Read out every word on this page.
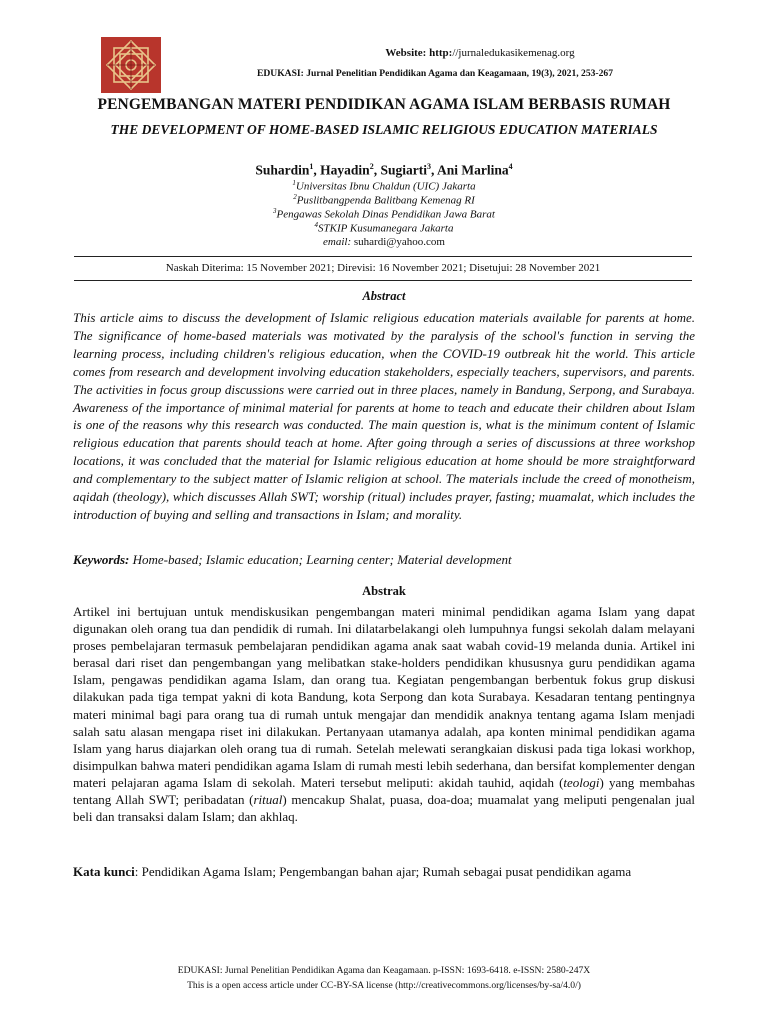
Website: http://jurnaledukasikemenag.org
EDUKASI: Jurnal Penelitian Pendidikan Agama dan Keagamaan, 19(3), 2021, 253-267
PENGEMBANGAN MATERI PENDIDIKAN AGAMA ISLAM BERBASIS RUMAH
THE DEVELOPMENT OF HOME-BASED ISLAMIC RELIGIOUS EDUCATION MATERIALS
Suhardin$^1$, Hayadin$^2$, Sugiarti$^3$, Ani Marlina$^4$
$^1$Universitas Ibnu Chaldun (UIC) Jakarta
$^2$Puslitbangpenda Balitbang Kemenag RI
$^3$Pengawas Sekolah Dinas Pendidikan Jawa Barat
$^4$STKIP Kusumanegara Jakarta
email: suhardi@yahoo.com
Naskah Diterima: 15 November 2021; Direvisi: 16 November 2021; Disetujui: 28 November 2021
Abstract
This article aims to discuss the development of Islamic religious education materials available for parents at home. The significance of home-based materials was motivated by the paralysis of the school's function in serving the learning process, including children's religious education, when the COVID-19 outbreak hit the world. This article comes from research and development involving education stakeholders, especially teachers, supervisors, and parents. The activities in focus group discussions were carried out in three places, namely in Bandung, Serpong, and Surabaya. Awareness of the importance of minimal material for parents at home to teach and educate their children about Islam is one of the reasons why this research was conducted. The main question is, what is the minimum content of Islamic religious education that parents should teach at home. After going through a series of discussions at three workshop locations, it was concluded that the material for Islamic religious education at home should be more straightforward and complementary to the subject matter of Islamic religion at school. The materials include the creed of monotheism, aqidah (theology), which discusses Allah SWT; worship (ritual) includes prayer, fasting; muamalat, which includes the introduction of buying and selling and transactions in Islam; and morality.
Keywords: Home-based; Islamic education; Learning center; Material development
Abstrak
Artikel ini bertujuan untuk mendiskusikan pengembangan materi minimal pendidikan agama Islam yang dapat digunakan oleh orang tua dan pendidik di rumah. Ini dilatarbelakangi oleh lumpuhnya fungsi sekolah dalam melayani proses pembelajaran termasuk pembelajaran pendidikan agama anak saat wabah covid-19 melanda dunia. Artikel ini berasal dari riset dan pengembangan yang melibatkan stake-holders pendidikan khususnya guru pendidikan agama Islam, pengawas pendidikan agama Islam, dan orang tua. Kegiatan pengembangan berbentuk fokus grup diskusi dilakukan pada tiga tempat yakni di kota Bandung, kota Serpong dan kota Surabaya. Kesadaran tentang pentingnya materi minimal bagi para orang tua di rumah untuk mengajar dan mendidik anaknya tentang agama Islam menjadi salah satu alasan mengapa riset ini dilakukan. Pertanyaan utamanya adalah, apa konten minimal pendidikan agama Islam yang harus diajarkan oleh orang tua di rumah. Setelah melewati serangkaian diskusi pada tiga lokasi workhop, disimpulkan bahwa materi pendidikan agama Islam di rumah mesti lebih sederhana, dan bersifat komplementer dengan materi pelajaran agama Islam di sekolah. Materi tersebut meliputi: akidah tauhid, aqidah (teologi) yang membahas tentang Allah SWT; peribadatan (ritual) mencakup Shalat, puasa, doa-doa; muamalat yang meliputi pengenalan jual beli dan transaksi dalam Islam; dan akhlaq.
Kata kunci: Pendidikan Agama Islam; Pengembangan bahan ajar; Rumah sebagai pusat pendidikan agama
EDUKASI: Jurnal Penelitian Pendidikan Agama dan Keagamaan. p-ISSN: 1693-6418. e-ISSN: 2580-247X
This is a open access article under CC-BY-SA license (http://creativecommons.org/licenses/by-sa/4.0/)
